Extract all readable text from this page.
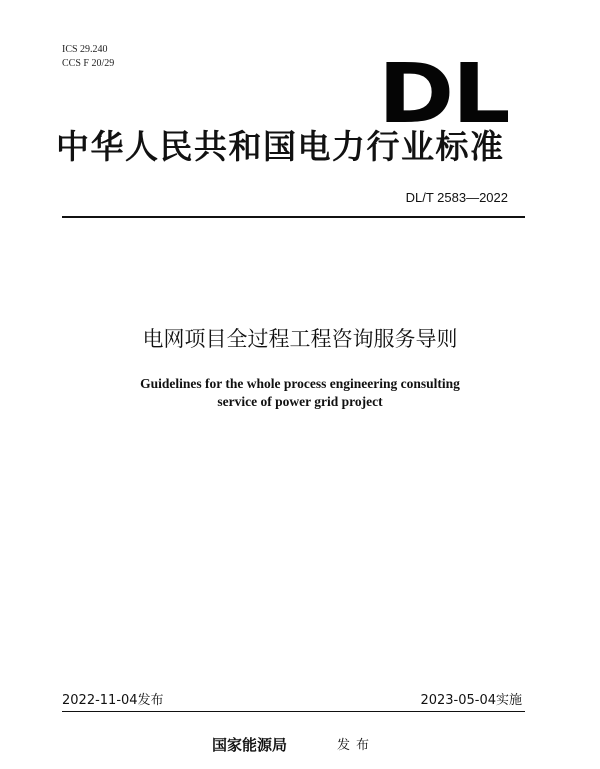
ICS 29.240
CCS F 20/29	DL
中华人民共和国电力行业标准
DL/T 2583—2022
电网项目全过程工程咨询服务导则
Guidelines for the whole process engineering consulting
service of power grid project
2022-11-04发布	2023-05-04实施
国家能源局	发布
